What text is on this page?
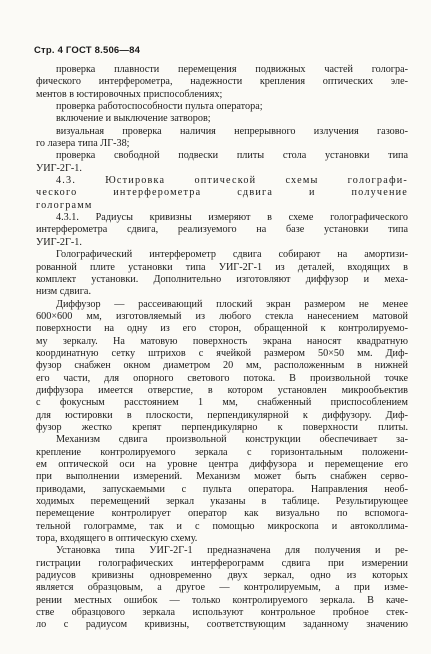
Стр. 4 ГОСТ 8.506—84
проверка плавности перемещения подвижных частей гологра-
фического интерферометра, надежности крепления оптических эле-
ментов в юстировочных приспособлениях;
проверка работоспособности пульта оператора;
включение и выключение затворов;
визуальная проверка наличия непрерывного излучения газово-
го лазера типа ЛГ-38;
проверка свободной подвески плиты стола установки типа
УИГ-2Г-1.
4.3. Юстировка оптической схемы голографи-
ческого интерферометра сдвига и получение
голограмм
4.3.1. Радиусы кривизны измеряют в схеме голографического
интерферометра сдвига, реализуемого на базе установки типа
УИГ-2Г-1.
Голографический интерферометр сдвига собирают на амортизи-
рованной плите установки типа УИГ-2Г-1 из деталей, входящих в
комплект установки. Дополнительно изготовляют диффузор и меха-
низм сдвига.
Диффузор — рассеивающий плоский экран размером не менее
600×600 мм, изготовляемый из любого стекла нанесением матовой
поверхности на одну из его сторон, обращенной к контролируемо-
му зеркалу. На матовую поверхность экрана наносят квадратную
координатную сетку штрихов с ячейкой размером 50×50 мм. Диф-
фузор снабжен окном диаметром 20 мм, расположенным в нижней
его части, для опорного светового потока. В произвольной точке
диффузора имеется отверстие, в котором установлен микрообъектив
с фокусным расстоянием 1 мм, снабженный приспособлением
для юстировки в плоскости, перпендикулярной к диффузору. Диф-
фузор жестко крепят перпендикулярно к поверхности плиты.
Механизм сдвига произвольной конструкции обеспечивает за-
крепление контролируемого зеркала с горизонтальным положени-
ем оптической оси на уровне центра диффузора и перемещение его
при выполнении измерений. Механизм может быть снабжен серво-
приводами, запускаемыми с пульта оператора. Направления необ-
ходимых перемещений зеркал указаны в таблице. Результирующее
перемещение контролирует оператор как визуально по вспомога-
тельной голограмме, так и с помощью микроскопа и автоколлима-
тора, входящего в оптическую схему.
Установка типа УИГ-2Г-1 предназначена для получения и ре-
гистрации голографических интерферограмм сдвига при измерении
радиусов кривизны одновременно двух зеркал, одно из которых
является образцовым, а другое — контролируемым, а при изме-
рении местных ошибок — только контролируемого зеркала. В каче-
стве образцового зеркала используют контрольное пробное стек-
ло с радиусом кривизны, соответствующим заданному значению
